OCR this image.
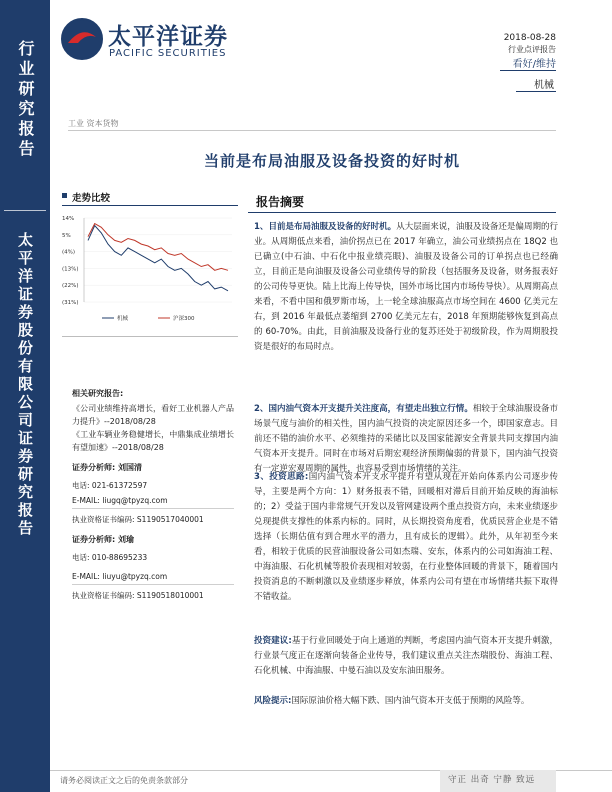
行业研究报告
太平洋证券股份有限公司证券研究报告
太平洋证券
PACIFIC SECURITIES
2018-08-28
行业点评报告
看好/维持
机械
工业 资本货物
当前是布局油服及设备投资的好时机
走势比较
14%
5%
(4%)
(13%)
(22%)
(31%)
机械	沪深300
相关研究报告:
《公司业绩维持高增长，看好工业机器人产品力提升》--2018/08/28
《工业车辆业务稳健增长，中鼎集成业绩增长有望加速》--2018/08/28
证券分析师: 刘国清
电话: 021-61372597
E-MAIL: liugq@tpyzq.com
执业资格证书编码: S1190517040001
证券分析师: 刘瑜
电话: 010-88695233
E-MAIL: liuyu@tpyzq.com
执业资格证书编码: S1190518010001
报告摘要
1、目前是布局油服及设备的好时机。从大层面来说，油服及设备还是偏周期的行业。从周期低点来看，油价拐点已在 2017 年确立，油公司业绩拐点在 18Q2 也已确立(中石油、中石化中报业绩亮眼)、油服及设备公司的订单拐点也已经确立，目前正是向油服及设备公司业绩传导的阶段（包括服务及设备，财务报表好的公司传导更快。陆上比海上传导快，国外市场比国内市场传导快）。从周期高点来看，不看中国和俄罗斯市场，上一轮全球油服高点市场空间在 4600 亿美元左右，到 2016 年最低点萎缩到 2700 亿美元左右，2018 年预期能够恢复到高点的 60-70%。由此，目前油服及设备行业的复苏还处于初级阶段，作为周期股投资是很好的布局时点。
2、国内油气资本开支提升关注度高，有望走出独立行情。相较于全球油服设备市场景气度与油价的相关性，国内油气投资的决定原因还多一个，即国家意志。目前还不错的油价水平、必须维持的采储比以及国家能源安全背景共同支撑国内油气资本开支提升。同时在市场对后期宏观经济预期偏弱的背景下，国内油气投资有一定逆宏观周期的属性，也容易受到市场情绪的关注。
3、投资思路:国内油气资本开支水平提升有望从现在开始向体系内公司逐步传导，主要是两个方向：1）财务报表不错，回暖相对滞后目前开始反映的海油标的；2）受益于国内非常规气开发以及管网建设两个重点投资方向，未来业绩逐步兑现提供支撑性的体系内标的。同时，从长期投资角度看，优质民营企业是不错选择（长期估值有到合理水平的潜力，且有成长的逻辑）。此外，从年初至今来看，相较于优质的民营油服设备公司如杰瑞、安东，体系内的公司如海油工程、中海油服、石化机械等股价表现相对较弱，在行业整体回暖的背景下，随着国内投资消息的不断刺激以及业绩逐步释放，体系内公司有望在市场情绪共振下取得不错收益。
投资建议:基于行业回暖处于向上通道的判断，考虑国内油气资本开支提升刺激，行业景气度正在逐渐向装备企业传导，我们建议重点关注杰瑞股份、海油工程、石化机械、中海油服、中曼石油以及安东油田服务。
风险提示:国际原油价格大幅下跌、国内油气资本开支低于预期的风险等。
请务必阅读正文之后的免责条款部分	守正 出奇 宁静 致远
